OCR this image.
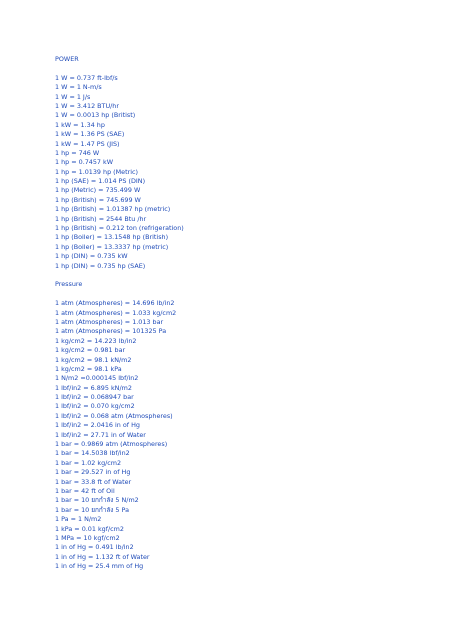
POWER
1 W = 0.737 ft-lbf/s
1 W = 1 N-m/s
1 W = 1 J/s
1 W = 3.412 BTU/hr
1 W = 0.0013 hp (Britist)
1 kW = 1.34 hp
1 kW = 1.36 PS (SAE)
1 kW = 1.47 PS (JIS)
1 hp = 746 W
1 hp = 0.7457 kW
1 hp = 1.0139 hp (Metric)
1 hp (SAE) = 1.014 PS (DIN)
1 hp (Metric) = 735.499 W
1 hp (British) = 745.699 W
1 hp (British) = 1.01387 hp (metric)
1 hp (British) = 2544 Btu /hr
1 hp (British) = 0.212 ton (refrigeration)
1 hp (Boiler) = 13.1548 hp (British)
1 hp (Boiler) = 13.3337 hp (metric)
1 hp (DIN) = 0.735 kW
1 hp (DIN) = 0.735 hp (SAE)
Pressure
1 atm (Atmospheres) = 14.696 lb/in2
1 atm (Atmospheres) = 1.033 kg/cm2
1 atm (Atmospheres) = 1.013 bar
1 atm (Atmospheres) = 101325 Pa
1 kg/cm2 = 14.223 lb/in2
1 kg/cm2 = 0.981 bar
1 kg/cm2 = 98.1 kN/m2
1 kg/cm2 = 98.1 kPa
1 N/m2 =0.000145 lbf/in2
1 lbf/in2 = 6.895 kN/m2
1 lbf/in2 = 0.068947 bar
1 lbf/in2 = 0.070 kg/cm2
1 lbf/in2 = 0.068 atm (Atmospheres)
1 lbf/in2 = 2.0416 in of Hg
1 lbf/in2 = 27.71 in of Water
1 bar = 0.9869 atm (Atmospheres)
1 bar = 14.5038 lbf/in2
1 bar = 1.02 kg/cm2
1 bar = 29.527 in of Hg
1 bar = 33.8 ft of Water
1 bar = 42 ft of Oil
1 bar = 10 ยกกำลัง 5 N/m2
1 bar = 10 ยกกำลัง 5 Pa
1 Pa = 1 N/m2
1 kPa = 0.01 kgf/cm2
1 MPa = 10 kgf/cm2
1 in of Hg = 0.491 lb/in2
1 in of Hg = 1.132 ft of Water
1 in of Hg = 25.4 mm of Hg
